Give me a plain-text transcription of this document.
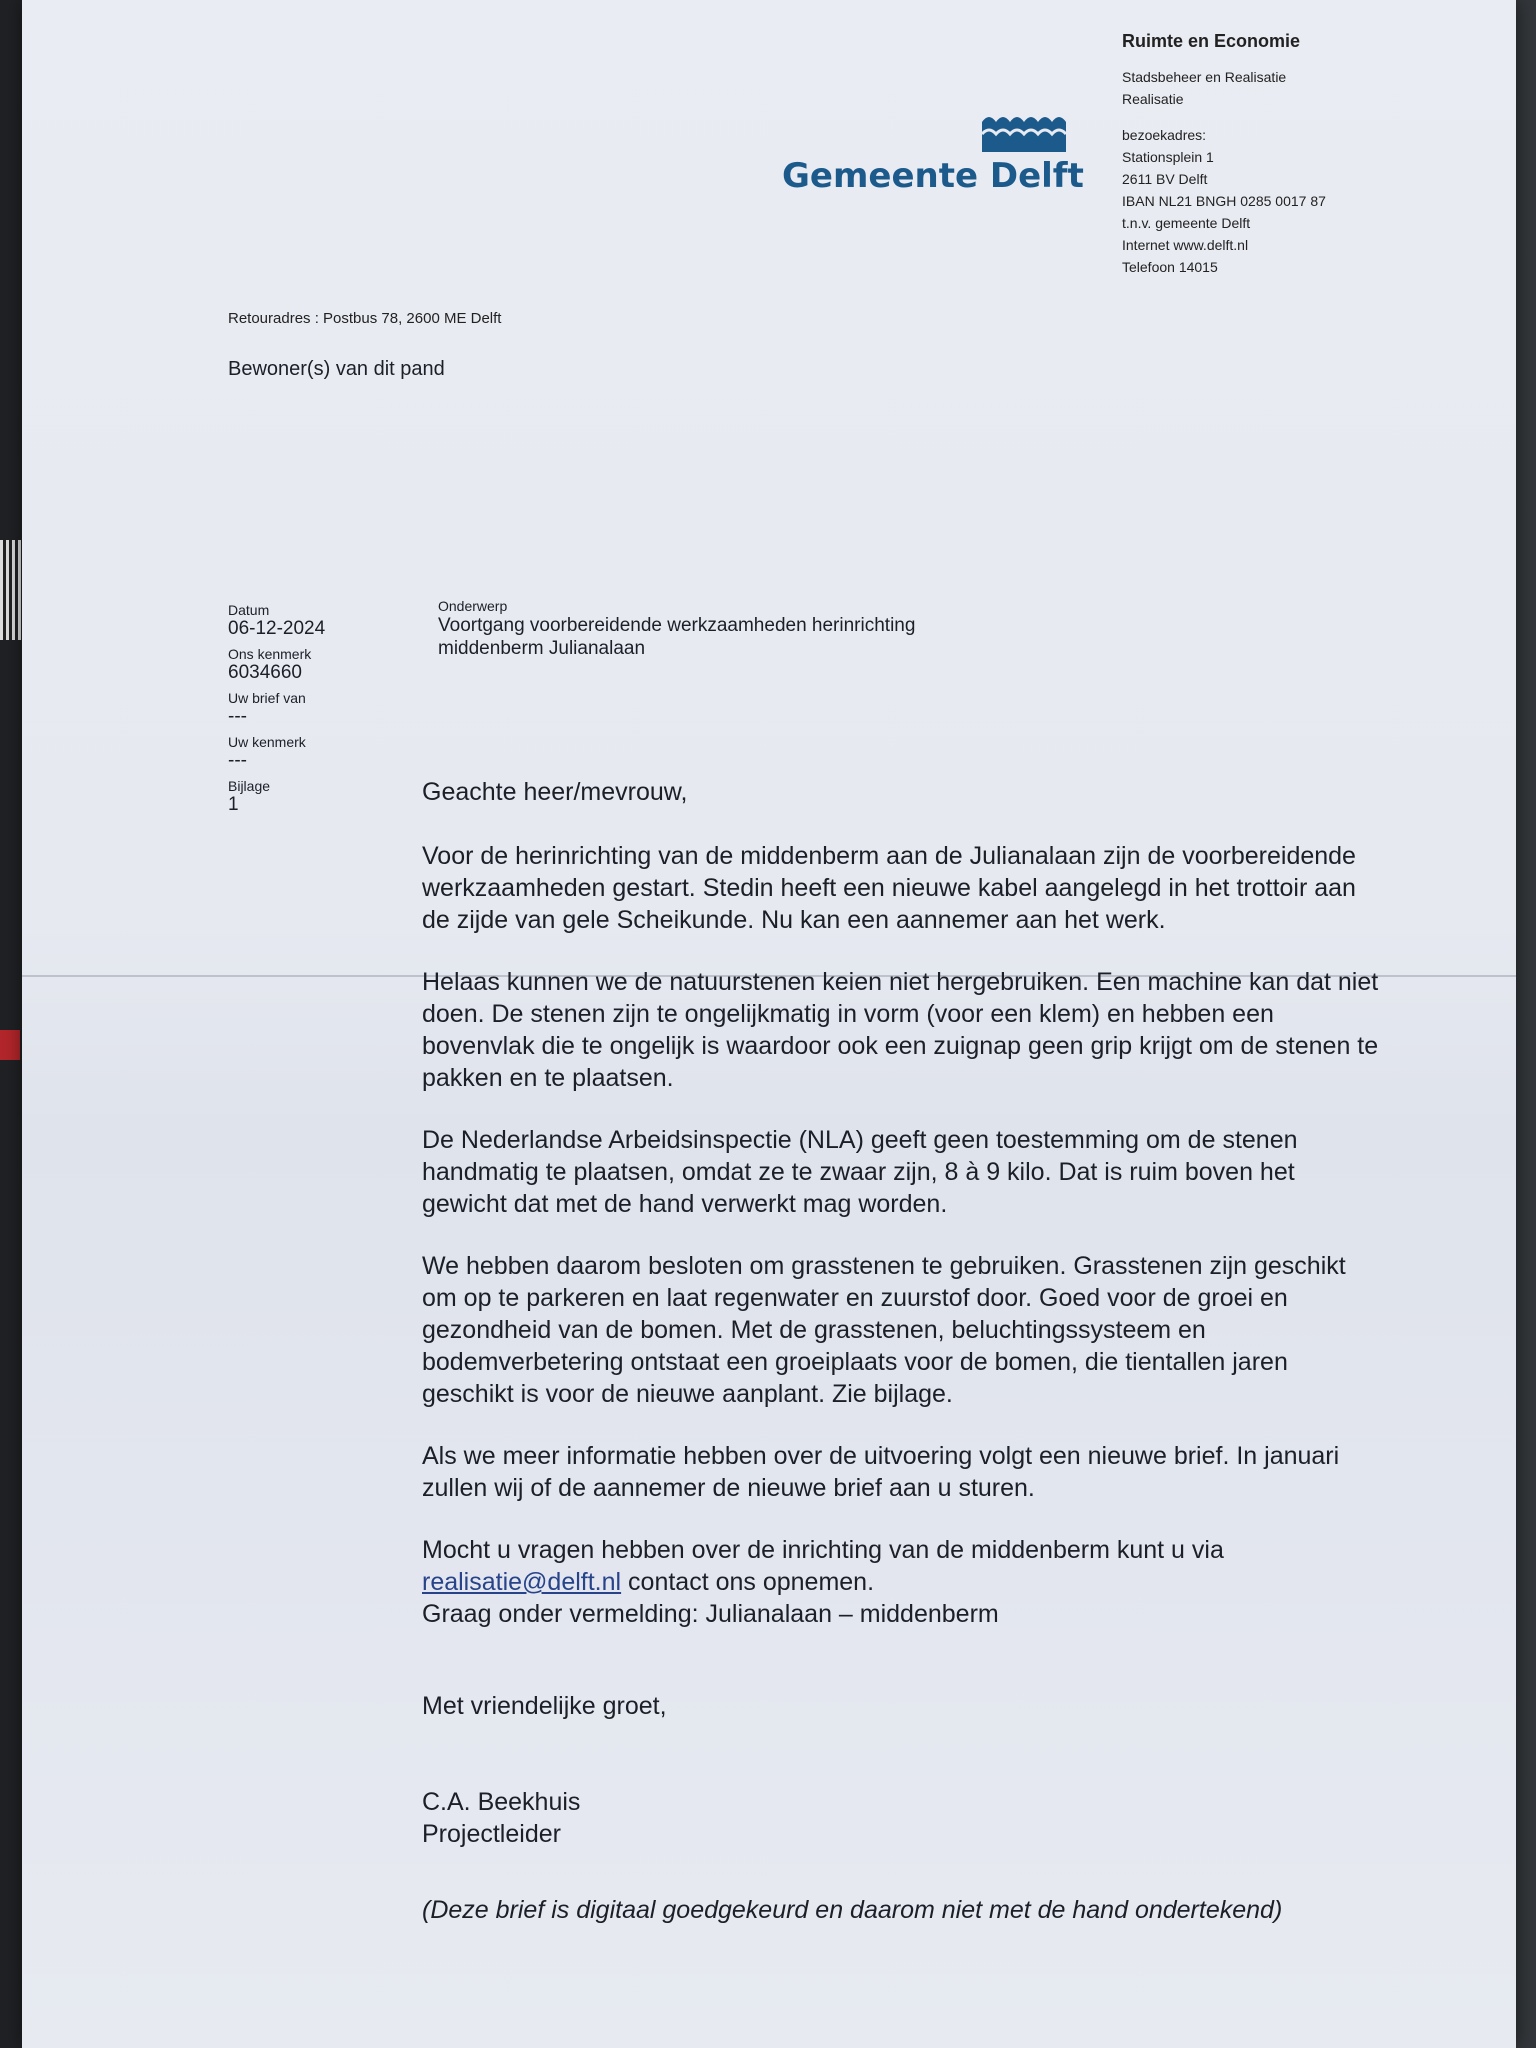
Gemeente Delft
Ruimte en Economie
Stadsbeheer en Realisatie
Realisatie
bezoekadres:
Stationsplein 1
2611 BV Delft
IBAN NL21 BNGH 0285 0017 87
t.n.v. gemeente Delft
Internet www.delft.nl
Telefoon 14015
Retouradres : Postbus 78, 2600 ME Delft
Bewoner(s) van dit pand
Datum
06-12-2024
Ons kenmerk
6034660
Uw brief van
---
Uw kenmerk
---
Bijlage
1
Onderwerp
Voortgang voorbereidende werkzaamheden herinrichting
middenberm Julianalaan

Geachte heer/mevrouw,

Voor de herinrichting van de middenberm aan de Julianalaan zijn de voorbereidende werkzaamheden gestart. Stedin heeft een nieuwe kabel aangelegd in het trottoir aan de zijde van gele Scheikunde. Nu kan een aannemer aan het werk.

Helaas kunnen we de natuurstenen keien niet hergebruiken. Een machine kan dat niet doen. De stenen zijn te ongelijkmatig in vorm (voor een klem) en hebben een bovenvlak die te ongelijk is waardoor ook een zuignap geen grip krijgt om de stenen te pakken en te plaatsen.

De Nederlandse Arbeidsinspectie (NLA) geeft geen toestemming om de stenen handmatig te plaatsen, omdat ze te zwaar zijn, 8 à 9 kilo. Dat is ruim boven het gewicht dat met de hand verwerkt mag worden.

We hebben daarom besloten om grasstenen te gebruiken. Grasstenen zijn geschikt om op te parkeren en laat regenwater en zuurstof door. Goed voor de groei en gezondheid van de bomen. Met de grasstenen, beluchtingssysteem en bodemverbetering ontstaat een groeiplaats voor de bomen, die tientallen jaren geschikt is voor de nieuwe aanplant. Zie bijlage.

Als we meer informatie hebben over de uitvoering volgt een nieuwe brief. In januari zullen wij of de aannemer de nieuwe brief aan u sturen.

Mocht u vragen hebben over de inrichting van de middenberm kunt u via
realisatie@delft.nl contact ons opnemen.
Graag onder vermelding: Julianalaan – middenberm

Met vriendelijke groet,
C.A. Beekhuis
Projectleider
(Deze brief is digitaal goedgekeurd en daarom niet met de hand ondertekend)
